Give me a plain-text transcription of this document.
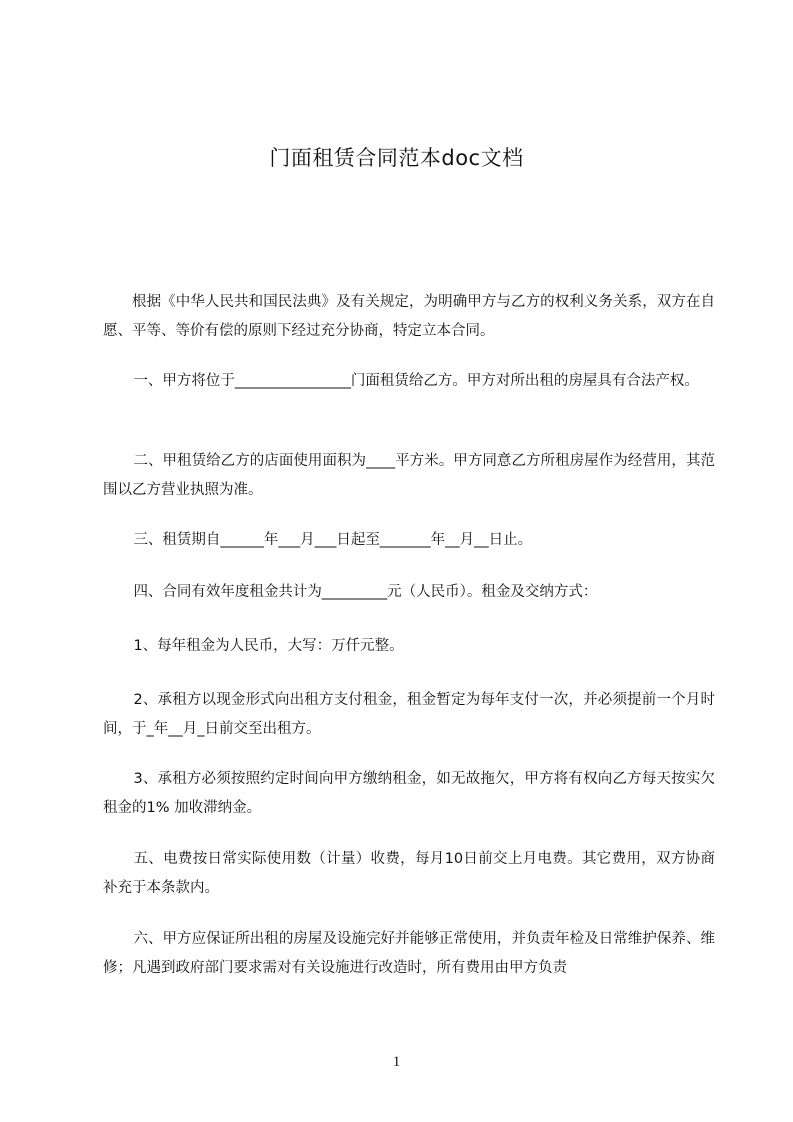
门面租赁合同范本doc文档
根据《中华人民共和国民法典》及有关规定，为明确甲方与乙方的权利义务关系，双方在自愿、平等、等价有偿的原则下经过充分协商，特定立本合同。
一、甲方将位于________________门面租赁给乙方。甲方对所出租的房屋具有合法产权。
二、甲租赁给乙方的店面使用面积为____平方米。甲方同意乙方所租房屋作为经营用，其范围以乙方营业执照为准。
三、租赁期自______年___月___日起至_______年__月__日止。
四、合同有效年度租金共计为_________元（人民币）。租金及交纳方式：
1、每年租金为人民币，大写：万仟元整。
2、承租方以现金形式向出租方支付租金，租金暂定为每年支付一次，并必须提前一个月时间，于_年__月_日前交至出租方。
3、承租方必须按照约定时间向甲方缴纳租金，如无故拖欠，甲方将有权向乙方每天按实欠租金的1% 加收滞纳金。
五、电费按日常实际使用数（计量）收费，每月10日前交上月电费。其它费用，双方协商补充于本条款内。
六、甲方应保证所出租的房屋及设施完好并能够正常使用，并负责年检及日常维护保养、维修；凡遇到政府部门要求需对有关设施进行改造时，所有费用由甲方负责
1
